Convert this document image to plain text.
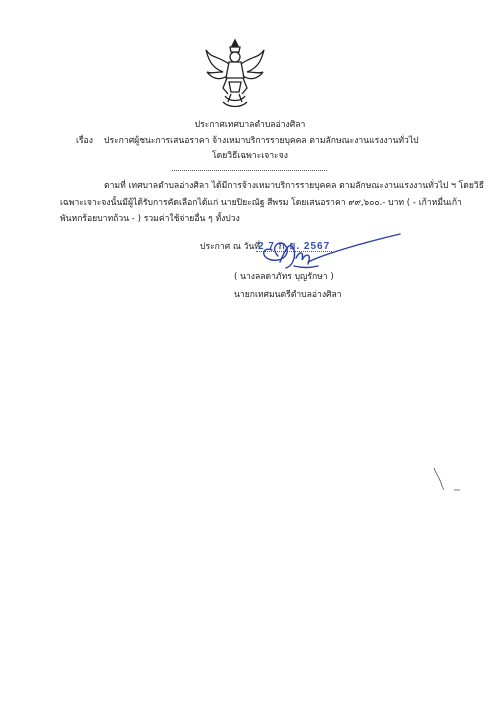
ประกาศเทศบาลตำบลอ่างศิลา
เรื่อง ประกาศผู้ชนะการเสนอราคา จ้างเหมาบริการรายบุคคล ตามลักษณะงานแรงงานทั่วไป
โดยวิธีเฉพาะเจาะจง
ตามที่ เทศบาลตำบลอ่างศิลา ได้มีการจ้างเหมาบริการรายบุคคล ตามลักษณะงานแรงงานทั่วไป ฯ โดยวิธี
เฉพาะเจาะจงนั้นมีผู้ได้รับการคัดเลือกได้แก่ นายปิยะณัฐ สีพรม โดยเสนอราคา ๙๙,๖๐๐.- บาท ( - เก้าหมื่นเก้า
พันหกร้อยบาทถ้วน - ) รวมค่าใช้จ่ายอื่น ๆ ทั้งปวง
ประกาศ ณ วันที่
2 7 ก.ย. 2567
( นางลลดาภัทร บุญรักษา )
นายกเทศมนตรีตำบลอ่างศิลา
